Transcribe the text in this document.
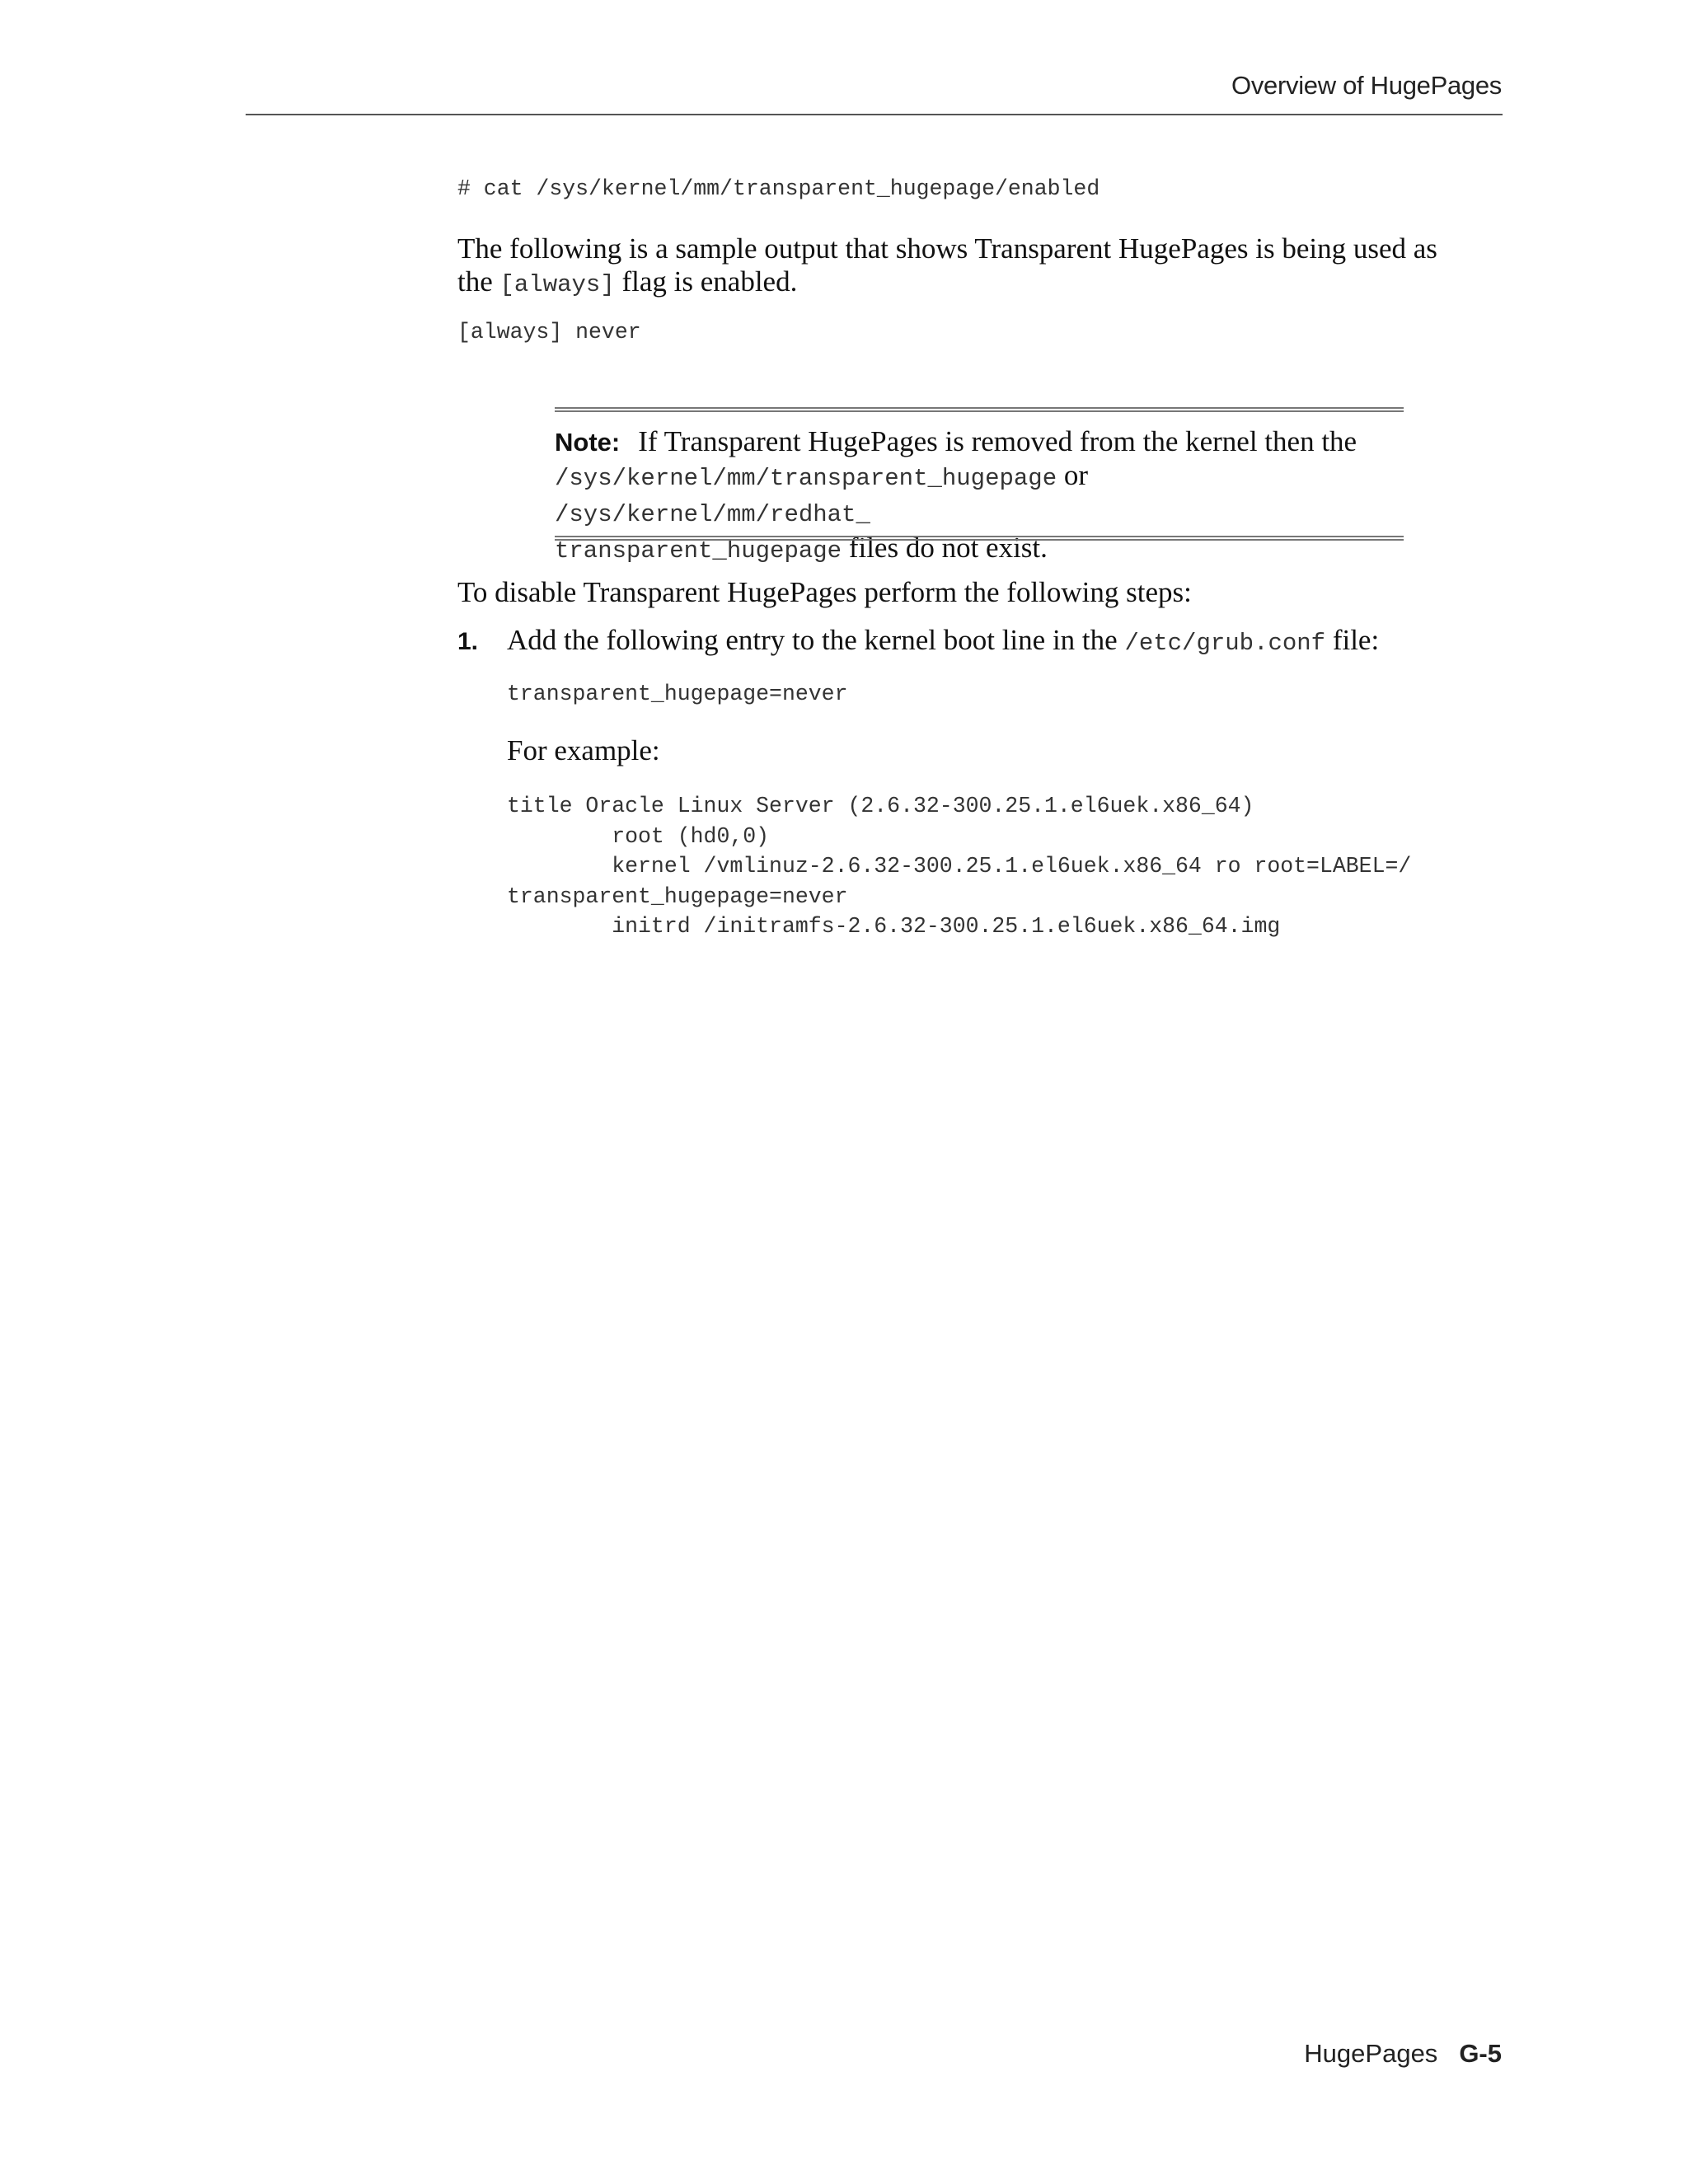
Overview of HugePages
# cat /sys/kernel/mm/transparent_hugepage/enabled
The following is a sample output that shows Transparent HugePages is being used as
the [always] flag is enabled.
[always] never
Note: If Transparent HugePages is removed from the kernel then the
/sys/kernel/mm/transparent_hugepage or /sys/kernel/mm/redhat_
transparent_hugepage files do not exist.
To disable Transparent HugePages perform the following steps:
1. Add the following entry to the kernel boot line in the /etc/grub.conf file:
transparent_hugepage=never
For example:
title Oracle Linux Server (2.6.32-300.25.1.el6uek.x86_64)
root (hd0,0)
kernel /vmlinuz-2.6.32-300.25.1.el6uek.x86_64 ro root=LABEL=/
transparent_hugepage=never
initrd /initramfs-2.6.32-300.25.1.el6uek.x86_64.img
HugePages G-5
